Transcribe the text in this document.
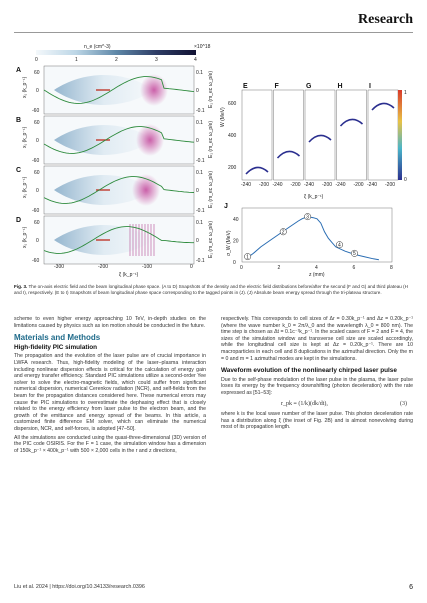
Research
n_e (cm^-3)	×10^18
0	1	2	3	4
A	60
0
-60
x₁ (k_p⁻¹)
0.1
0
-0.1
E₁ (m_ec ω_p/e)
B	60
0
-60
x₁ (k_p⁻¹)
0.1
0
-0.1
E₁ (m_ec ω_p/e)
C	60
0
-60
x₁ (k_p⁻¹)
0.1
0
-0.1
E₁ (m_ec ω_p/e)
D	60
0
-60
x₁ (k_p⁻¹)
0.1
0
-0.1
E₁ (m_ec ω_p/e)
-300	-200	-100	0
ξ (k_p⁻¹)
W (MeV)
600
400
200
E
-240 -200
F
-240 -200
G
-240 -200
H
-240 -200
I
-240 -200
1
0
ξ (k_p⁻¹)
J
1
2
3
4
5
0	2	4	6	8
z (mm)
40
20
0
σ_W (MeV)
Fig. 3. The on-axis electric field and the beam longitudinal phase space. (A to D) Snapshots of the density and the electric field distributions before/after the second (F and G) and third plateau (H and I), respectively. (E to I) Snapshots of beam longitudinal phase space corresponding to the tagged points in (J). (J) Absolute beam energy spread through the tri-plateau structure.

scheme to even higher energy approaching 10 TeV, in-depth studies on the limitations caused by physics such as ion motion should be conducted in the future.

Materials and Methods
High-fidelity PIC simulation

The propagation and the evolution of the laser pulse are of crucial importance in LWFA research. Thus, high-fidelity modeling of the laser–plasma interaction including nonlinear dispersion effects is critical for the calculation of energy gain and energy transfer efficiency. Standard PIC simulations utilize a second-order Yee solver to solve the electro-magnetic fields, which could suffer from significant numerical dispersion, numerical Cerenkov radiation (NCR), and self-fields from the beam for the propagation distances considered here. These numerical errors may cause the PIC simulations to overestimate the dephasing effect that is closely related to the energy efficiency from laser pulse to the electron beam, and the growth of the emittance and energy spread of the beams. In this article, a customized finite difference EM solver, which can eliminate the numerical dispersion, NCR, and self-forces, is adopted [47–50].

All the simulations are conducted using the quasi-three-dimensional (3D) version of the PIC code OSIRIS. For the F = 1 case, the simulation window has a dimension of 150k_p⁻¹ × 400k_p⁻¹ with 500 × 2,000 cells in the r and z directions,

respectively. This corresponds to cell sizes of Δr = 0.30k_p⁻¹ and Δz = 0.20k_p⁻¹ (where the wave number k_0 = 2π/λ_0 and the wavelength λ_0 = 800 nm). The time step is chosen as Δt = 0.1c⁻¹k_p⁻¹. In the scaled cases of F = 2 and F = 4, the sizes of the simulation window and transverse cell size are scaled accordingly, while the longitudinal cell size is kept at Δz = 0.20k_p⁻¹. There are 10 macroparticles in each cell and 8 duplications in the azimuthal direction. Only the m = 0 and m = 1 azimuthal modes are kept in the simulations.

Waveform evolution of the nonlinearly chirped laser pulse

Due to the self-phase modulation of the laser pulse in the plasma, the laser pulse loses its energy by the frequency downshifting (photon deceleration) with the rate expressed as [51–53]:

r_pk ≡ (1/k)(dk/dt),	(3)

where k is the local wave number of the laser pulse. This photon deceleration rate has a distribution along ξ (the inset of Fig. 2B) and is almost nonevolving during most of its propagation length.

Liu et al. 2024 | https://doi.org/10.34133/research.0396	6
